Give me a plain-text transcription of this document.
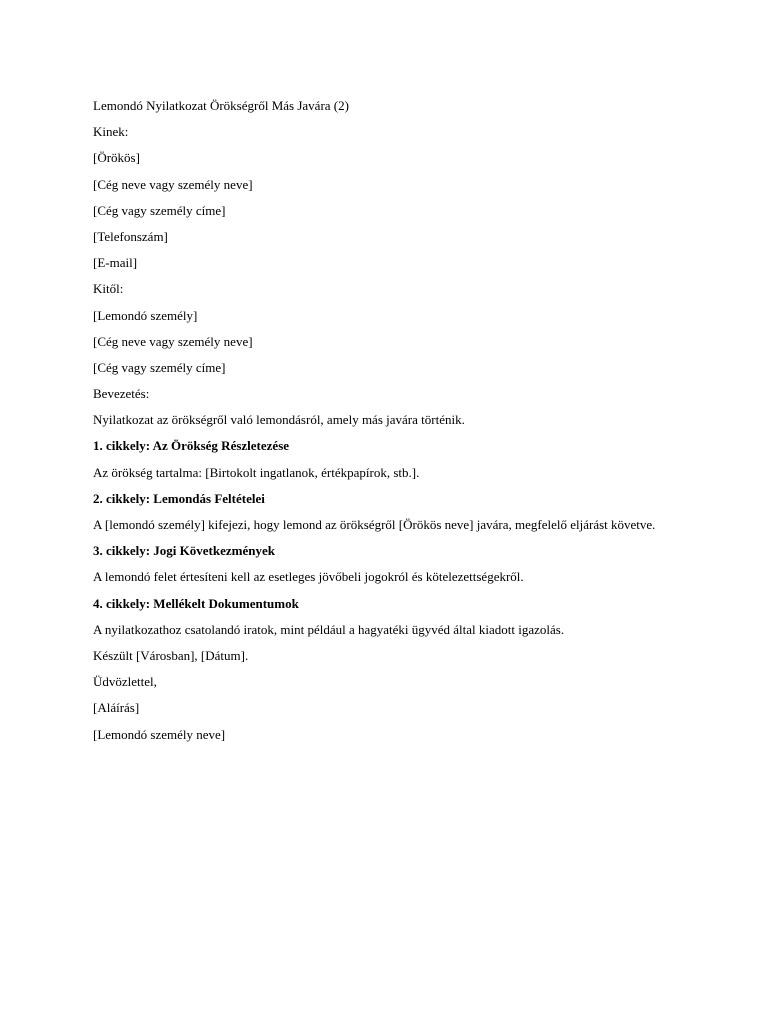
Lemondó Nyilatkozat Örökségről Más Javára (2)
Kinek:
[Örökös]
[Cég neve vagy személy neve]
[Cég vagy személy címe]
[Telefonszám]
[E-mail]
Kitől:
[Lemondó személy]
[Cég neve vagy személy neve]
[Cég vagy személy címe]
Bevezetés:
Nyilatkozat az örökségről való lemondásról, amely más javára történik.
1. cikkely: Az Örökség Részletezése
Az örökség tartalma: [Birtokolt ingatlanok, értékpapírok, stb.].
2. cikkely: Lemondás Feltételei
A [lemondó személy] kifejezi, hogy lemond az örökségről [Örökös neve] javára, megfelelő eljárást követve.
3. cikkely: Jogi Következmények
A lemondó felet értesíteni kell az esetleges jövőbeli jogokról és kötelezettségekről.
4. cikkely: Mellékelt Dokumentumok
A nyilatkozathoz csatolandó iratok, mint például a hagyatéki ügyvéd által kiadott igazolás.
Készült [Városban], [Dátum].
Üdvözlettel,
[Aláírás]
[Lemondó személy neve]
